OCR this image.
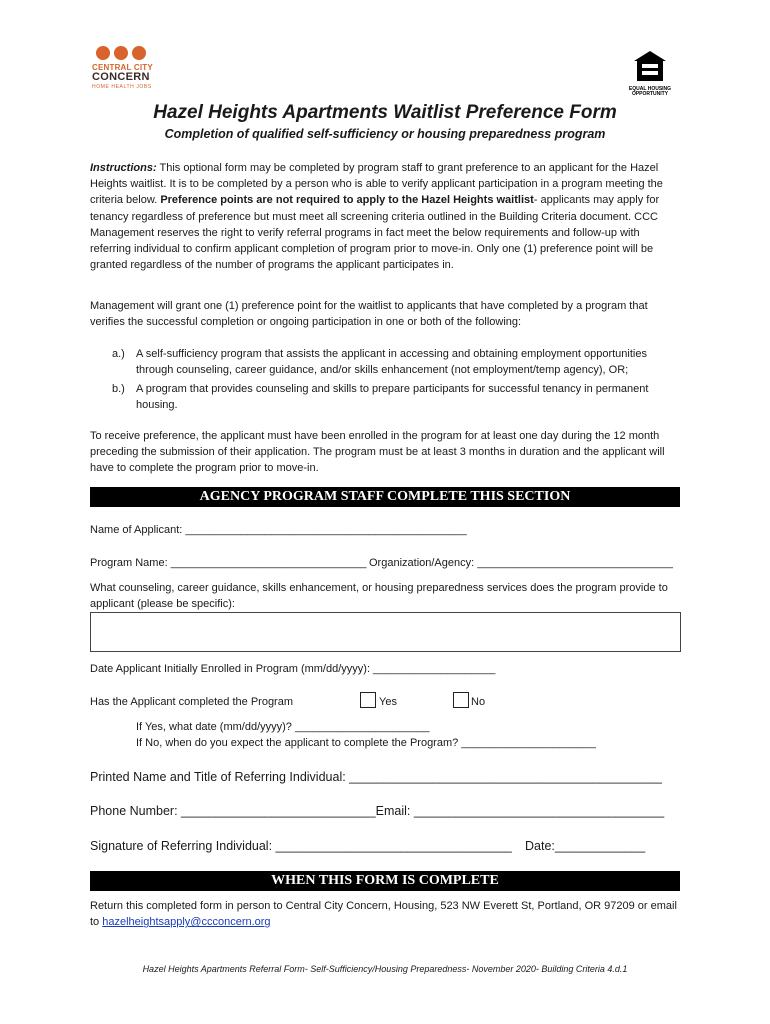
CENTRAL CITY
CONCERN
HOME HEALTH JOBS	EQUAL HOUSING
OPPORTUNITY
Hazel Heights Apartments Waitlist Preference Form
Completion of qualified self-sufficiency or housing preparedness program
Instructions: This optional form may be completed by program staff to grant preference to an applicant for the Hazel Heights waitlist. It is to be completed by a person who is able to verify applicant participation in a program meeting the criteria below. Preference points are not required to apply to the Hazel Heights waitlist- applicants may apply for tenancy regardless of preference but must meet all screening criteria outlined in the Building Criteria document. CCC Management reserves the right to verify referral programs in fact meet the below requirements and follow-up with referring individual to confirm applicant completion of program prior to move-in. Only one (1) preference point will be granted regardless of the number of programs the applicant participates in.
Management will grant one (1) preference point for the waitlist to applicants that have completed by a program that verifies the successful completion or ongoing participation in one or both of the following:
a.)	A self-sufficiency program that assists the applicant in accessing and obtaining employment opportunities through counseling, career guidance, and/or skills enhancement (not employment/temp agency), OR;
b.)	A program that provides counseling and skills to prepare participants for successful tenancy in permanent housing.
To receive preference, the applicant must have been enrolled in the program for at least one day during the 12 month preceding the submission of their application. The program must be at least 3 months in duration and the applicant will have to complete the program prior to move-in.
AGENCY PROGRAM STAFF COMPLETE THIS SECTION
Name of Applicant: ______________________________________________
Program Name: ________________________________ Organization/Agency: ________________________________
What counseling, career guidance, skills enhancement, or housing preparedness services does the program provide to applicant (please be specific):
Date Applicant Initially Enrolled in Program (mm/dd/yyyy): ____________________
Has the Applicant completed the Program	Yes	No
If Yes, what date (mm/dd/yyyy)? ______________________
If No, when do you expect the applicant to complete the Program? ______________________
Printed Name and Title of Referring Individual: _____________________________________________
Phone Number: ____________________________Email: ____________________________________
Signature of Referring Individual: __________________________________ Date:_____________
WHEN THIS FORM IS COMPLETE
Return this completed form in person to Central City Concern, Housing, 523 NW Everett St, Portland, OR 97209 or email to hazelheightsapply@ccconcern.org
Hazel Heights Apartments Referral Form- Self-Sufficiency/Housing Preparedness- November 2020- Building Criteria 4.d.1
